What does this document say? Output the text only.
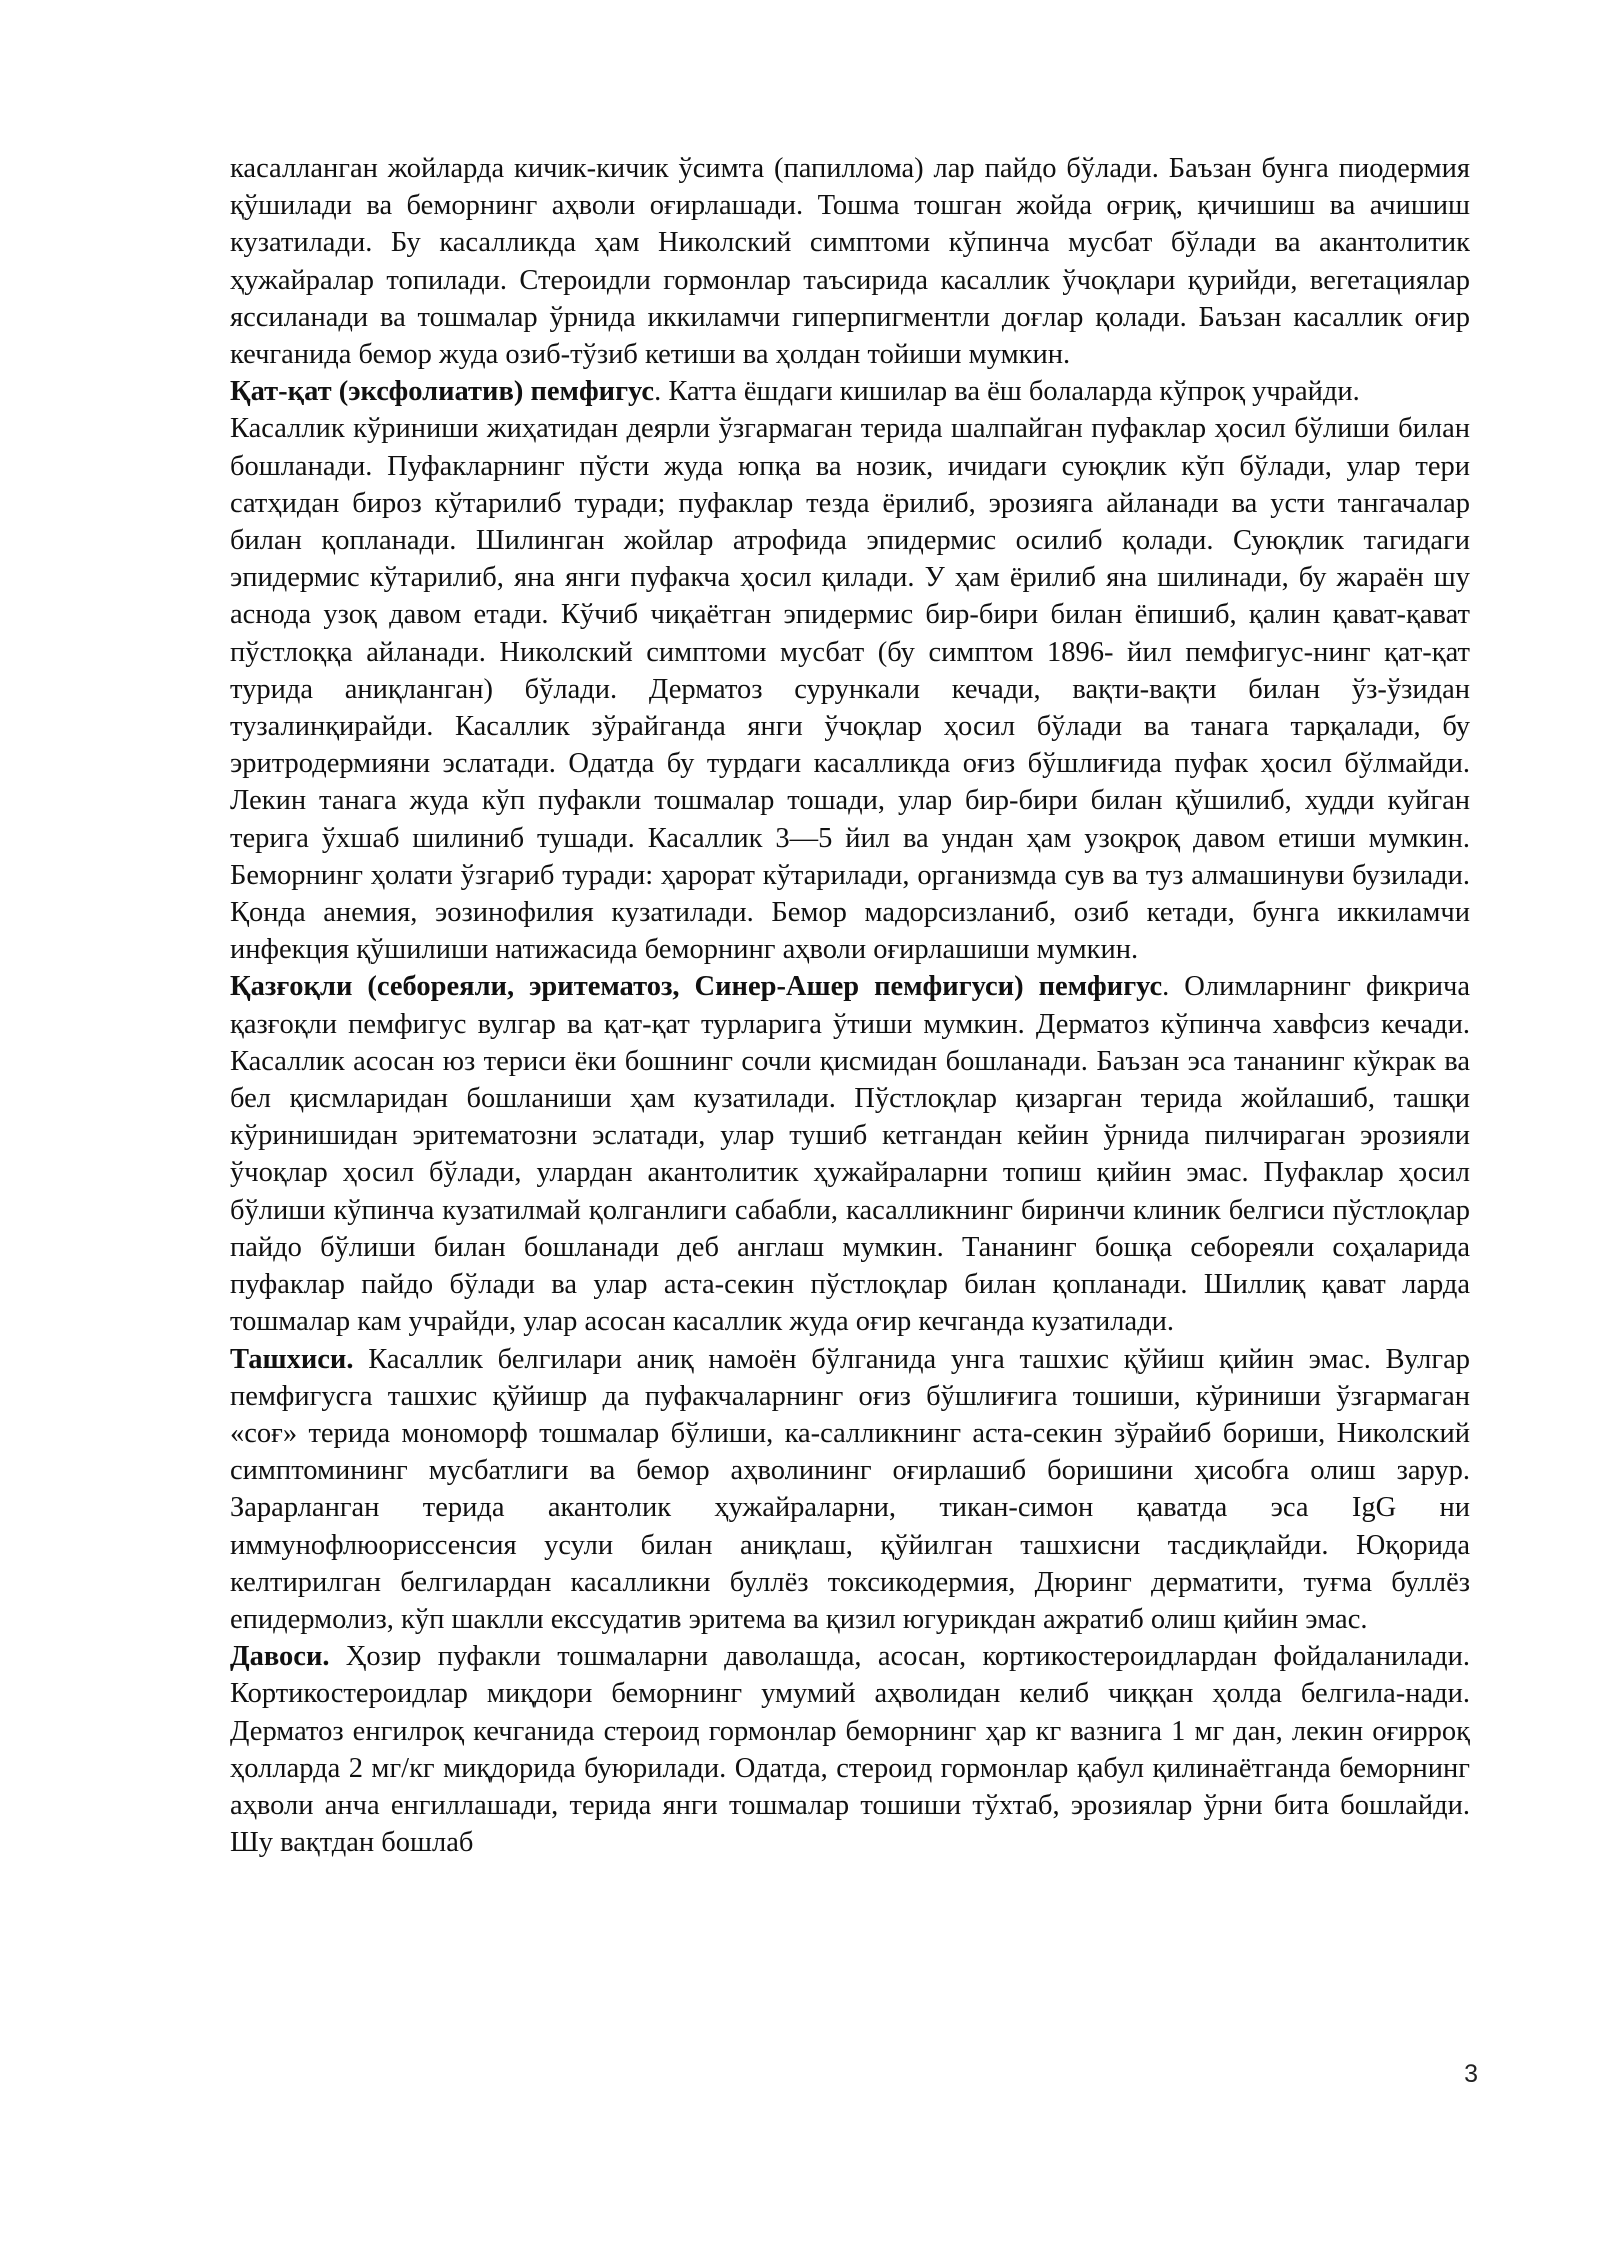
касалланган жойларда кичик-кичик ўсимта (папиллома) лар пайдо бўлади. Баъзан бунга пиодермия қўшилади ва беморнинг аҳволи оғирлашади. Тошма тошган жойда оғриқ, қичишиш ва ачишиш кузатилади. Бу касалликда ҳам Николский симптоми кўпинча мусбат бўлади ва акантолитик ҳужайралар топилади. Стероидли гормонлар таъсирида касаллик ўчоқлари қурийди, вегетациялар яссиланади ва тошмалар ўрнида иккиламчи гиперпигментли доғлар қолади. Баъзан касаллик оғир кечганида бемор жуда озиб-тўзиб кетиши ва ҳолдан тойиши мумкин.

Қат-қат (эксфолиатив) пемфигус. Катта ёшдаги кишилар ва ёш болаларда кўпроқ учрайди.

Касаллик кўриниши жиҳатидан деярли ўзгармаган терида шалпайган пуфаклар ҳосил бўлиши билан бошланади. Пуфакларнинг пўсти жуда юпқа ва нозик, ичидаги суюқлик кўп бўлади, улар тери сатҳидан бироз кўтарилиб туради; пуфаклар тезда ёрилиб, эрозияга айланади ва усти тангачалар билан қопланади. Шилинган жойлар атрофида эпидермис осилиб қолади. Суюқлик тагидаги эпидермис кўтарилиб, яна янги пуфакча ҳосил қилади. У ҳам ёрилиб яна шилинади, бу жараён шу аснода узоқ давом етади. Кўчиб чиқаётган эпидермис бир-бири билан ёпишиб, қалин қават-қават пўстлоққа айланади. Николский симптоми мусбат (бу симптом 1896- йил пемфигус-нинг қат-қат турида аниқланган) бўлади. Дерматоз сурункали кечади, вақти-вақти билан ўз-ўзидан тузалинқирайди. Касаллик зўрайганда янги ўчоқлар ҳосил бўлади ва танага тарқалади, бу эритродермияни эслатади. Одатда бу турдаги касалликда оғиз бўшлиғида пуфак ҳосил бўлмайди. Лекин танага жуда кўп пуфакли тошмалар тошади, улар бир-бири билан қўшилиб, худди куйган терига ўхшаб шилиниб тушади. Касаллик 3—5 йил ва ундан ҳам узоқроқ давом етиши мумкин. Беморнинг ҳолати ўзгариб туради: ҳарорат кўтарилади, организмда сув ва туз алмашинуви бузилади. Қонда анемия, эозинофилия кузатилади. Бемор мадорсизланиб, озиб кетади, бунга иккиламчи инфекция қўшилиши натижасида беморнинг аҳволи оғирлашиши мумкин.

Қазғоқли (себореяли, эритематоз, Синер-Ашер пемфигуси) пемфигус. Олимларнинг фикрича қазғоқли пемфигус вулгар ва қат-қат турларига ўтиши мумкин. Дерматоз кўпинча хавфсиз кечади. Касаллик асосан юз териси ёки бошнинг сочли қисмидан бошланади. Баъзан эса тананинг кўкрак ва бел қисмларидан бошланиши ҳам кузатилади. Пўстлоқлар қизарган терида жойлашиб, ташқи кўринишидан эритематозни эслатади, улар тушиб кетгандан кейин ўрнида пилчираган эрозияли ўчоқлар ҳосил бўлади, улардан акантолитик ҳужайраларни топиш қийин эмас. Пуфаклар ҳосил бўлиши кўпинча кузатилмай қолганлиги сабабли, касалликнинг биринчи клиник белгиси пўстлоқлар пайдо бўлиши билан бошланади деб англаш мумкин. Тананинг бошқа себореяли соҳаларида пуфаклар пайдо бўлади ва улар аста-секин пўстлоқлар билан қопланади. Шиллиқ қават ларда тошмалар кам учрайди, улар асосан касаллик жуда оғир кечганда кузатилади.

Ташхиси. Касаллик белгилари аниқ намоён бўлганида унга ташхис қўйиш қийин эмас. Вулгар пемфигусга ташхис қўйишр да пуфакчаларнинг оғиз бўшлиғига тошиши, кўриниши ўзгармаган «соғ» терида мономорф тошмалар бўлиши, ка-салликнинг аста-секин зўрайиб бориши, Николский симптомининг мусбатлиги ва бемор аҳволининг оғирлашиб боришини ҳисобга олиш зарур. Зарарланган терида акантолик ҳужайраларни, тикан-симон қаватда эса IgG ни иммунофлюориссенсия усули билан аниқлаш, қўйилган ташхисни тасдиқлайди. Юқорида келтирилган белгилардан касалликни буллёз токсикодермия, Дюринг дерматити, туғма буллёз епидермолиз, кўп шаклли екссудатив эритема ва қизил югурикдан ажратиб олиш қийин эмас.

Давоси. Ҳозир пуфакли тошмаларни даволашда, асосан, кортикостероидлардан фойдаланилади. Кортикостероидлар миқдори беморнинг умумий аҳволидан келиб чиққан ҳолда белгила-нади. Дерматоз енгилроқ кечганида стероид гормонлар беморнинг ҳар кг вазнига 1 мг дан, лекин оғирроқ ҳолларда 2 мг/кг миқдорида буюрилади. Одатда, стероид гормонлар қабул қилинаётганда беморнинг аҳволи анча енгиллашади, терида янги тошмалар тошиши тўхтаб, эрозиялар ўрни бита бошлайди. Шу вақтдан бошлаб

3
